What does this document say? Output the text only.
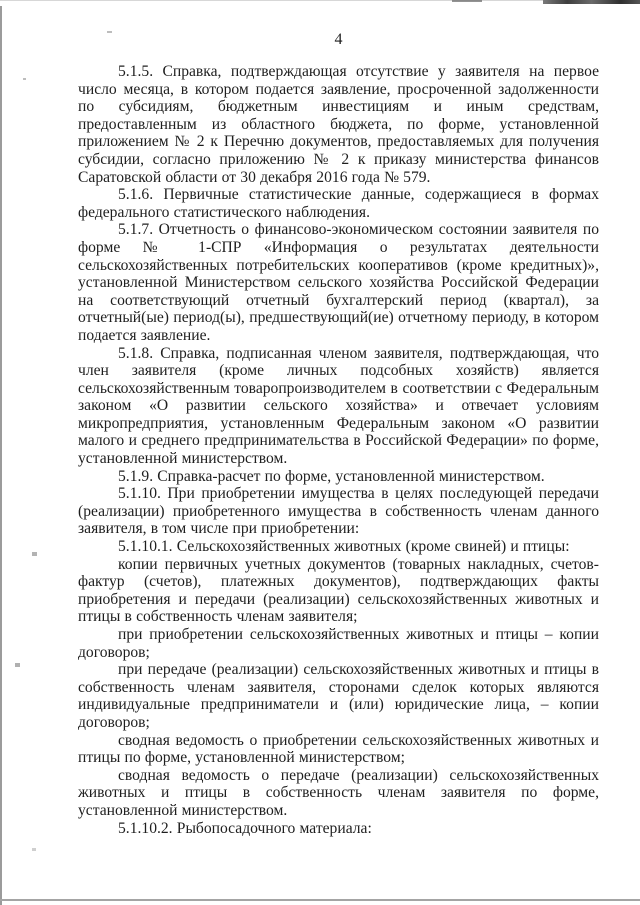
4

5.1.5. Справка, подтверждающая отсутствие у заявителя на первое число месяца, в котором подается заявление, просроченной задолженности по субсидиям, бюджетным инвестициям и иным средствам, предоставленным из областного бюджета, по форме, установленной приложением № 2 к Перечню документов, предоставляемых для получения субсидии, согласно приложению № 2 к приказу министерства финансов Саратовской области от 30 декабря 2016 года № 579.

5.1.6. Первичные статистические данные, содержащиеся в формах федерального статистического наблюдения.

5.1.7. Отчетность о финансово-экономическом состоянии заявителя по форме № 1-СПР «Информация о результатах деятельности сельскохозяйственных потребительских кооперативов (кроме кредитных)», установленной Министерством сельского хозяйства Российской Федерации на соответствующий отчетный бухгалтерский период (квартал), за отчетный(ые) период(ы), предшествующий(ие) отчетному периоду, в котором подается заявление.

5.1.8. Справка, подписанная членом заявителя, подтверждающая, что член заявителя (кроме личных подсобных хозяйств) является сельскохозяйственным товаропроизводителем в соответствии с Федеральным законом «О развитии сельского хозяйства» и отвечает условиям микропредприятия, установленным Федеральным законом «О развитии малого и среднего предпринимательства в Российской Федерации» по форме, установленной министерством.

5.1.9. Справка-расчет по форме, установленной министерством.

5.1.10. При приобретении имущества в целях последующей передачи (реализации) приобретенного имущества в собственность членам данного заявителя, в том числе при приобретении:

5.1.10.1. Сельскохозяйственных животных (кроме свиней) и птицы:

копии первичных учетных документов (товарных накладных, счетов-фактур (счетов), платежных документов), подтверждающих факты приобретения и передачи (реализации) сельскохозяйственных животных и птицы в собственность членам заявителя;

при приобретении сельскохозяйственных животных и птицы – копии договоров;

при передаче (реализации) сельскохозяйственных животных и птицы в собственность членам заявителя, сторонами сделок которых являются индивидуальные предприниматели и (или) юридические лица, – копии договоров;

сводная ведомость о приобретении сельскохозяйственных животных и птицы по форме, установленной министерством;

сводная ведомость о передаче (реализации) сельскохозяйственных животных и птицы в собственность членам заявителя по форме, установленной министерством.

5.1.10.2. Рыбопосадочного материала:
